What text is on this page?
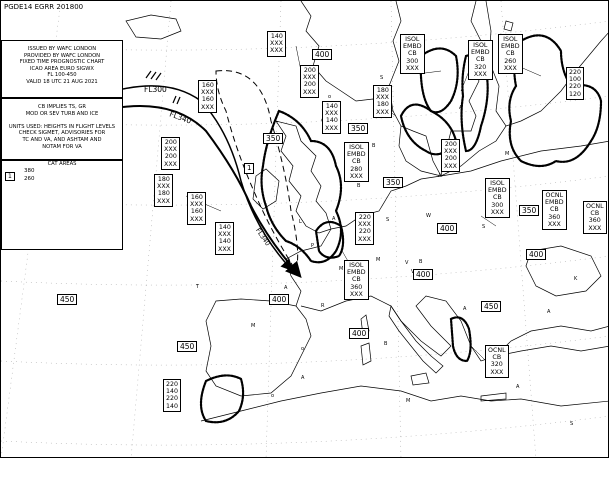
PGDE14 EGRR 201800
ISSUED BY WAFC LONDON
PROVIDED BY WAFC LONDON
FIXED TIME PROGNOSTIC CHART
ICAO AREA EURO SIGWX
FL 100-450
VALID 18 UTC 21 AUG 2021
CB IMPLIES TS, GR
MOD OR SEV TURB AND ICE
UNITS USED: HEIGHTS IN FLIGHT LEVELS
CHECK SIGMET, ADVISORIES FOR
TC AND VA, AND ASHTAM AND
NOTAM FOR VA
CAT AREAS
1
380
260
FL300
FL340
FL340
1
400
400
350
350
350
400
400
350
400
450
450
450
400
ISOL
EMBD
CB
300
XXX
ISOL
EMBD
CB
320
XXX
ISOL
EMBD
CB
260
XXX
ISOL
EMBD
CB
280
XXX
ISOL
EMBD
CB
300
XXX
OCNL
EMBD
CB
360
XXX
OCNL
CB
360
XXX
ISOL
EMBD
CB
360
XXX
OCNL
CB
320
XXX
140
XXX
XXX
160
XXX
160
XXX
200
XXX
200
XXX
200
XXX
200
XXX
180
XXX
180
XXX
140
XXX
140
XXX
160
XXX
160
XXX
140
XXX
140
XXX
180
XXX
180
XXX
200
XXX
200
XXX
220
XXX
220
XXX
220
100
220
120
220
140
220
140
o
o
o
M
M
M
L	A
A
A
A
A
S
S
B
B
A
B
V
W
R
S
P
M
A
S
K
T	A
V
M
B
